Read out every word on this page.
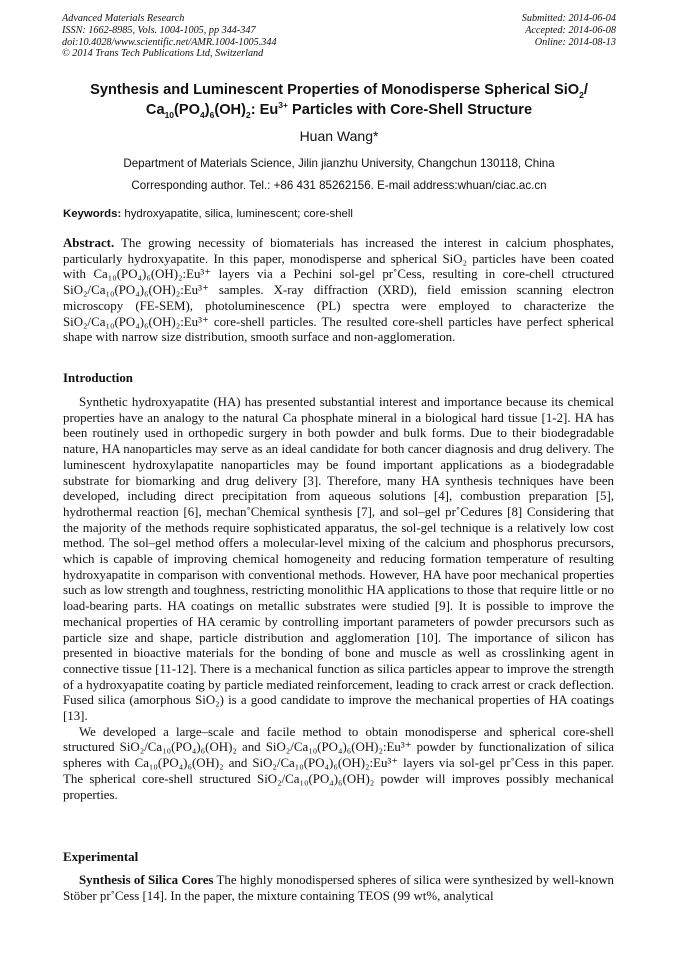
Advanced Materials Research
ISSN: 1662-8985, Vols. 1004-1005, pp 344-347
doi:10.4028/www.scientific.net/AMR.1004-1005.344
© 2014 Trans Tech Publications Ltd, Switzerland
Submitted: 2014-06-04
Accepted: 2014-06-08
Online: 2014-08-13
Synthesis and Luminescent Properties of Monodisperse Spherical SiO$_2$/
$Ca_{10}(PO_4)_6(OH)_2$: $Eu^{3+}$ Particles with Core-Shell Structure
Huan Wang*
Department of Materials Science, Jilin jianzhu University, Changchun 130118, China
Corresponding author. Tel.: +86 431 85262156. E-mail address:whuan/ciac.ac.cn
Keywords: hydroxyapatite, silica, luminescent; core-shell
Abstract. The growing necessity of biomaterials has increased the interest in calcium phosphates, particularly hydroxyapatite. In this paper, monodisperse and spherical SiO₂ particles have been coated with Ca₁₀(PO₄)₆(OH)₂:Eu³⁺ layers via a Pechini sol-gel pr˚Cess, resulting in core-chell ctructured SiO₂/Ca₁₀(PO₄)₆(OH)₂:Eu³⁺ samples. X-ray diffraction (XRD), field emission scanning electron microscopy (FE-SEM), photoluminescence (PL) spectra were employed to characterize the SiO₂/Ca₁₀(PO₄)₆(OH)₂:Eu³⁺ core-shell particles. The resulted core-shell particles have perfect spherical shape with narrow size distribution, smooth surface and non-agglomeration.
Introduction

Synthetic hydroxyapatite (HA) has presented substantial interest and importance because its chemical properties have an analogy to the natural Ca phosphate mineral in a biological hard tissue [1-2]. HA has been routinely used in orthopedic surgery in both powder and bulk forms. Due to their biodegradable nature, HA nanoparticles may serve as an ideal candidate for both cancer diagnosis and drug delivery. The luminescent hydroxylapatite nanoparticles may be found important applications as a biodegradable substrate for biomarking and drug delivery [3]. Therefore, many HA synthesis techniques have been developed, including direct precipitation from aqueous solutions [4], combustion preparation [5], hydrothermal reaction [6], mechan˚Chemical synthesis [7], and sol–gel pr˚Cedures [8] Considering that the majority of the methods require sophisticated apparatus, the sol-gel technique is a relatively low cost method. The sol–gel method offers a molecular-level mixing of the calcium and phosphorus precursors, which is capable of improving chemical homogeneity and reducing formation temperature of resulting hydroxyapatite in comparison with conventional methods. However, HA have poor mechanical properties such as low strength and toughness, restricting monolithic HA applications to those that require little or no load-bearing parts. HA coatings on metallic substrates were studied [9]. It is possible to improve the mechanical properties of HA ceramic by controlling important parameters of powder precursors such as particle size and shape, particle distribution and agglomeration [10]. The importance of silicon has presented in bioactive materials for the bonding of bone and muscle as well as crosslinking agent in connective tissue [11-12]. There is a mechanical function as silica particles appear to improve the strength of a hydroxyapatite coating by particle mediated reinforcement, leading to crack arrest or crack deflection. Fused silica (amorphous SiO₂) is a good candidate to improve the mechanical properties of HA coatings [13].

We developed a large–scale and facile method to obtain monodisperse and spherical core-shell structured SiO₂/Ca₁₀(PO₄)₆(OH)₂ and SiO₂/Ca₁₀(PO₄)₆(OH)₂:Eu³⁺ powder by functionalization of silica spheres with Ca₁₀(PO₄)₆(OH)₂ and SiO₂/Ca₁₀(PO₄)₆(OH)₂:Eu³⁺ layers via sol-gel pr˚Cess in this paper. The spherical core-shell structured SiO₂/Ca₁₀(PO₄)₆(OH)₂ powder will improves possibly mechanical properties.

Experimental

Synthesis of Silica Cores The highly monodispersed spheres of silica were synthesized by well-known Stöber pr˚Cess [14]. In the paper, the mixture containing TEOS (99 wt%, analytical
